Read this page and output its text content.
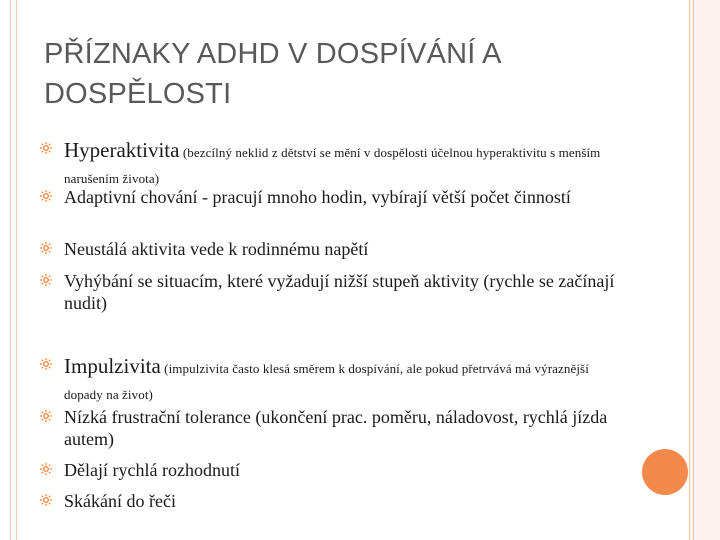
PŘÍZNAKY ADHD V DOSPÍVÁNÍ A
DOSPĚLOSTI
Hyperaktivita (bezcílný neklid z dětství se mění v dospělosti účelnou hyperaktivitu s menším narušením života)
Adaptivní chování - pracují mnoho hodin, vybírají větší počet činností
Neustálá aktivita vede k rodinnému napětí
Vyhýbání se situacím, které vyžadují nižší stupeň aktivity (rychle se začínají nudit)
Impulzivita (impulzivita často klesá směrem k dospívání, ale pokud přetrvává má výraznější dopady na život)
Nízká frustrační tolerance (ukončení prac. poměru, náladovost, rychlá jízda autem)
Dělají rychlá rozhodnutí
Skákání do řeči
